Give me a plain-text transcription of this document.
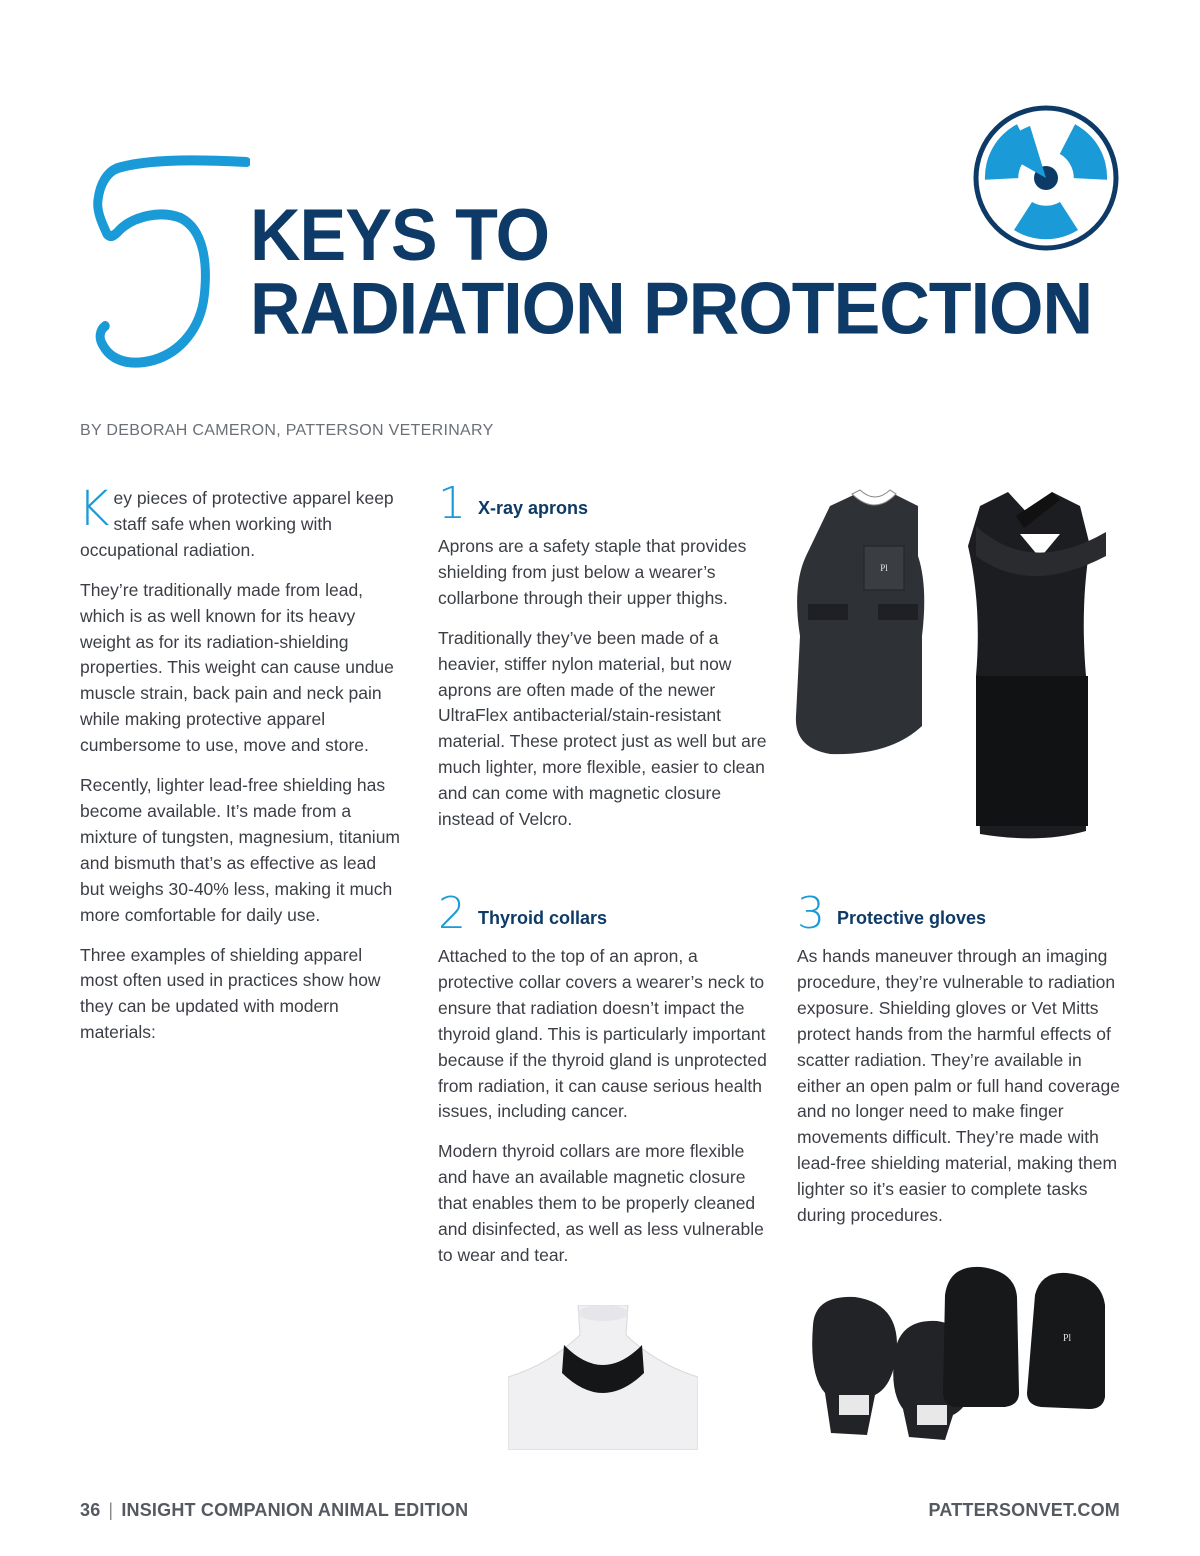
KEYS TO
RADIATION PROTECTION
BY DEBORAH CAMERON, PATTERSON VETERINARY

Key pieces of protective apparel keep staff safe when working with occupational radiation.

They’re traditionally made from lead, which is as well known for its heavy weight as for its radiation-shielding properties. This weight can cause undue muscle strain, back pain and neck pain while making protective apparel cumbersome to use, move and store.

Recently, lighter lead-free shielding has become available. It’s made from a mixture of tungsten, magnesium, titanium and bismuth that’s as effective as lead but weighs 30-40% less, making it much more comfortable for daily use.

Three examples of shielding apparel most often used in practices show how they can be updated with modern materials:

1 X-ray aprons

Aprons are a safety staple that provides shielding from just below a wearer’s collarbone through their upper thighs.

Traditionally they’ve been made of a heavier, stiffer nylon material, but now aprons are often made of the newer UltraFlex antibacterial/stain-resistant material. These protect just as well but are much lighter, more flexible, easier to clean and can come with magnetic closure instead of Velcro.

2 Thyroid collars

Attached to the top of an apron, a protective collar covers a wearer’s neck to ensure that radiation doesn’t impact the thyroid gland. This is particularly important because if the thyroid gland is unprotected from radiation, it can cause serious health issues, including cancer.

Modern thyroid collars are more flexible and have an available magnetic closure that enables them to be properly cleaned and disinfected, as well as less vulnerable to wear and tear.

3 Protective gloves

As hands maneuver through an imaging procedure, they’re vulnerable to radiation exposure. Shielding gloves or Vet Mitts protect hands from the harmful effects of scatter radiation. They’re available in either an open palm or full hand coverage and no longer need to make finger movements difficult. They’re made with lead-free shielding material, making them lighter so it’s easier to complete tasks during procedures.

Pl
Pl
36 | INSIGHT COMPANION ANIMAL EDITION	PATTERSONVET.COM
